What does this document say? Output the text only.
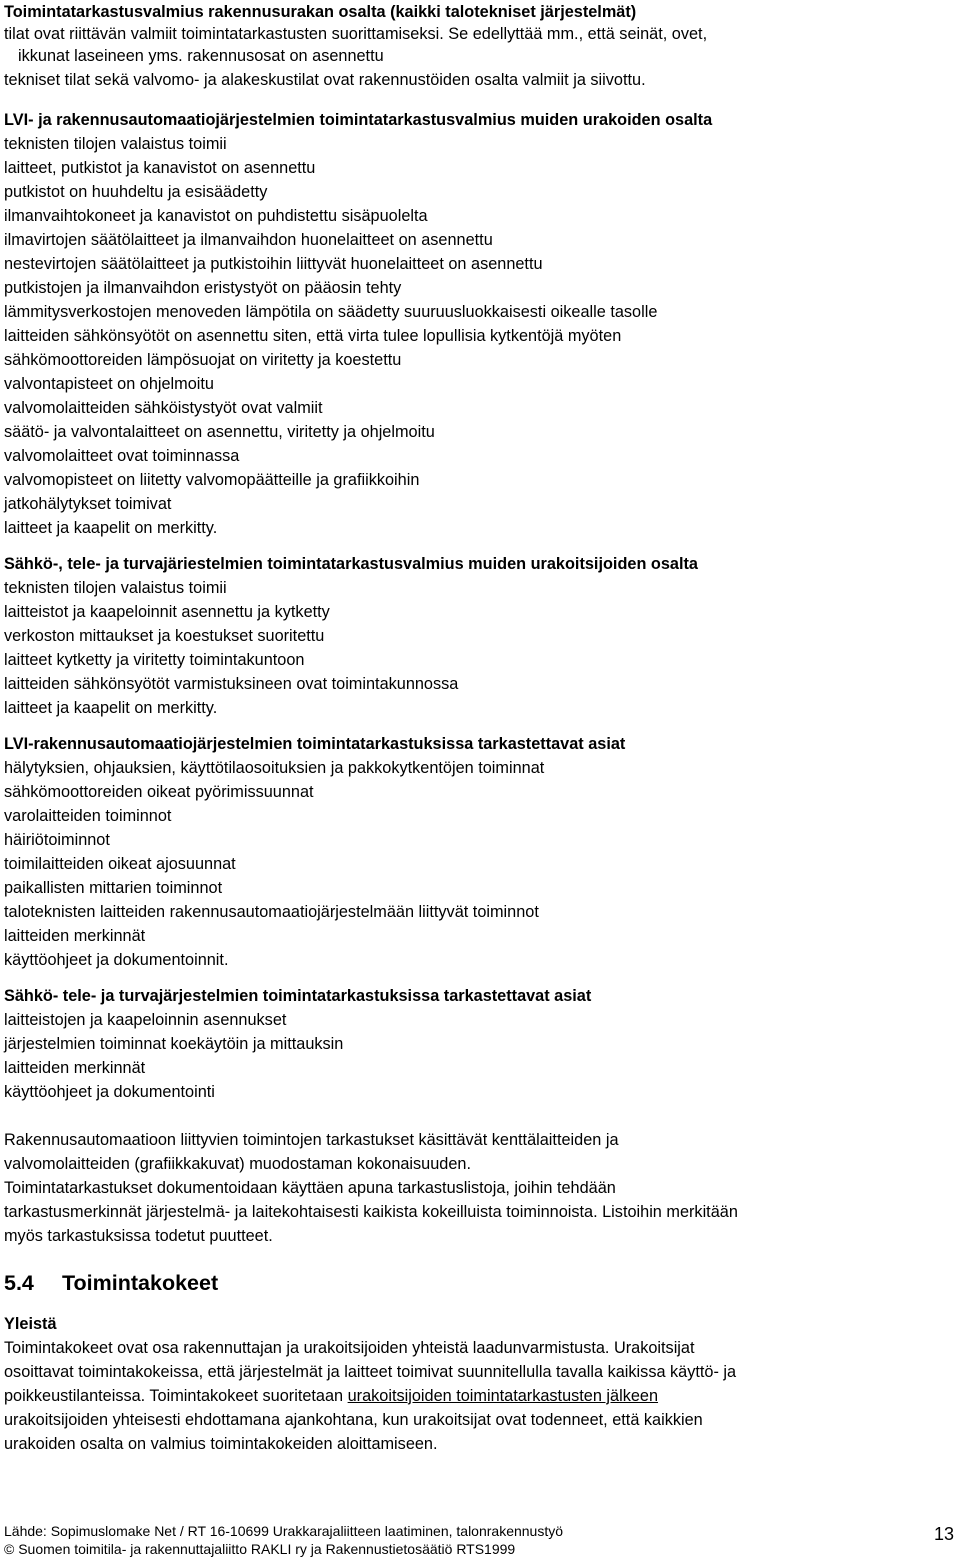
Toimintatarkastusvalmius rakennusurakan osalta (kaikki talotekniset järjestelmät)
tilat ovat riittävän valmiit toimintatarkastusten suorittamiseksi. Se edellyttää mm., että seinät, ovet,
ikkunat laseineen yms. rakennusosat on asennettu
tekniset tilat sekä valvomo- ja alakeskustilat ovat rakennustöiden osalta valmiit ja siivottu.
LVI- ja rakennusautomaatiojärjestelmien toimintatarkastusvalmius muiden urakoiden osalta
teknisten tilojen valaistus toimii
laitteet, putkistot ja kanavistot on asennettu
putkistot on huuhdeltu ja esisäädetty
ilmanvaihtokoneet ja kanavistot on puhdistettu sisäpuolelta
ilmavirtojen säätölaitteet ja ilmanvaihdon huonelaitteet on asennettu
nestevirtojen säätölaitteet ja putkistoihin liittyvät huonelaitteet on asennettu
putkistojen ja ilmanvaihdon eristystyöt on pääosin tehty
lämmitysverkostojen menoveden lämpötila on säädetty suuruusluokkaisesti oikealle tasolle
laitteiden sähkönsyötöt on asennettu siten, että virta tulee lopullisia kytkentöjä myöten
sähkömoottoreiden lämpösuojat on viritetty ja koestettu
valvontapisteet on ohjelmoitu
valvomolaitteiden sähköistystyöt ovat valmiit
säätö- ja valvontalaitteet on asennettu, viritetty ja ohjelmoitu
valvomolaitteet ovat toiminnassa
valvomopisteet on liitetty valvomopäätteille ja grafiikkoihin
jatkohälytykset toimivat
laitteet ja kaapelit on merkitty.
Sähkö-, tele- ja turvajäriestelmien toimintatarkastusvalmius muiden urakoitsijoiden osalta
teknisten tilojen valaistus toimii
laitteistot ja kaapeloinnit asennettu ja kytketty
verkoston mittaukset ja koestukset suoritettu
laitteet kytketty ja viritetty toimintakuntoon
laitteiden sähkönsyötöt varmistuksineen ovat toimintakunnossa
laitteet ja kaapelit on merkitty.
LVI-rakennusautomaatiojärjestelmien toimintatarkastuksissa tarkastettavat asiat
hälytyksien, ohjauksien, käyttötilaosoituksien ja pakkokytkentöjen toiminnat
sähkömoottoreiden oikeat pyörimissuunnat
varolaitteiden toiminnot
häiriötoiminnot
toimilaitteiden oikeat ajosuunnat
paikallisten mittarien toiminnot
taloteknisten laitteiden rakennusautomaatiojärjestelmään liittyvät toiminnot
laitteiden merkinnät
käyttöohjeet ja dokumentoinnit.
Sähkö- tele- ja turvajärjestelmien toimintatarkastuksissa tarkastettavat asiat
laitteistojen ja kaapeloinnin asennukset
järjestelmien toiminnat koekäytöin ja mittauksin
laitteiden merkinnät
käyttöohjeet ja dokumentointi
Rakennusautomaatioon liittyvien toimintojen tarkastukset käsittävät kenttälaitteiden ja
valvomolaitteiden (grafiikkakuvat) muodostaman kokonaisuuden.
Toimintatarkastukset dokumentoidaan käyttäen apuna tarkastuslistoja, joihin tehdään
tarkastusmerkinnät järjestelmä- ja laitekohtaisesti kaikista kokeilluista toiminnoista. Listoihin merkitään
myös tarkastuksissa todetut puutteet.
5.4 Toimintakokeet
Yleistä
Toimintakokeet ovat osa rakennuttajan ja urakoitsijoiden yhteistä laadunvarmistusta. Urakoitsijat
osoittavat toimintakokeissa, että järjestelmät ja laitteet toimivat suunnitellulla tavalla kaikissa käyttö- ja
poikkeustilanteissa. Toimintakokeet suoritetaan urakoitsijoiden toimintatarkastusten jälkeen
urakoitsijoiden yhteisesti ehdottamana ajankohtana, kun urakoitsijat ovat todenneet, että kaikkien
urakoiden osalta on valmius toimintakokeiden aloittamiseen.
Lähde: Sopimuslomake Net / RT 16-10699 Urakkarajaliitteen laatiminen, talonrakennustyö
© Suomen toimitila- ja rakennuttajaliitto RAKLI ry ja Rakennustietosäätiö RTS1999
13
